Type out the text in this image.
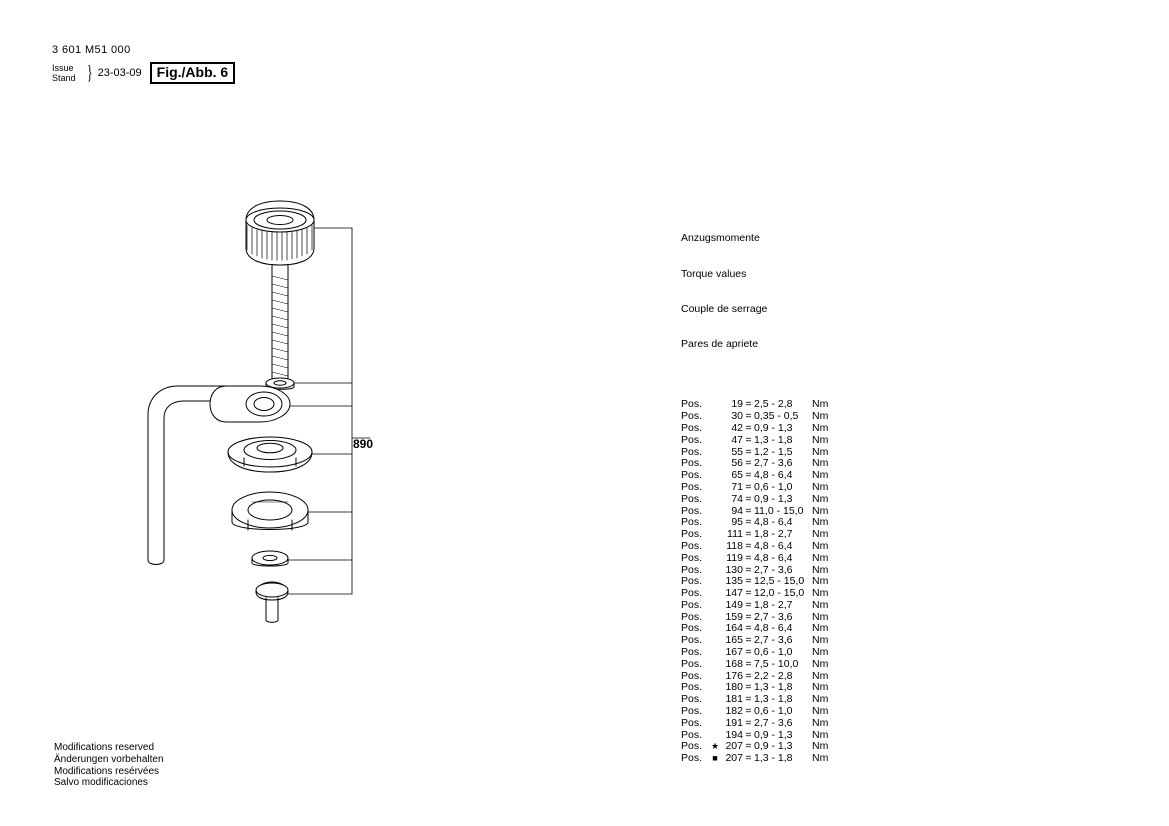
3 601 M51 000
Issue
Stand } 23-03-09	Fig./Abb. 6
890

Anzugsmomente

Torque values

Couple de serrage

Pares de apriete

Pos.	19 = 2,5 - 2,8	Nm
Pos.	30 = 0,35 - 0,5	Nm
Pos.	42 = 0,9 - 1,3	Nm
Pos.	47 = 1,3 - 1,8	Nm
Pos.	55 = 1,2 - 1,5	Nm
Pos.	56 = 2,7 - 3,6	Nm
Pos.	65 = 4,8 - 6,4	Nm
Pos.	71 = 0,6 - 1,0	Nm
Pos.	74 = 0,9 - 1,3	Nm
Pos.	94 = 11,0 - 15,0 Nm
Pos.	95 = 4,8 - 6,4	Nm
Pos.	111 = 1,8 - 2,7	Nm
Pos.	118 = 4,8 - 6,4	Nm
Pos.	119 = 4,8 - 6,4	Nm
Pos.	130 = 2,7 - 3,6	Nm
Pos.	135 = 12,5 - 15,0 Nm
Pos.	147 = 12,0 - 15,0 Nm
Pos.	149 = 1,8 - 2,7	Nm
Pos.	159 = 2,7 - 3,6	Nm
Pos.	164 = 4,8 - 6,4	Nm
Pos.	165 = 2,7 - 3,6	Nm
Pos.	167 = 0,6 - 1,0	Nm
Pos.	168 = 7,5 - 10,0	Nm
Pos.	176 = 2,2 - 2,8	Nm
Pos.	180 = 1,3 - 1,8	Nm
Pos.	181 = 1,3 - 1,8	Nm
Pos.	182 = 0,6 - 1,0	Nm
Pos.	191 = 2,7 - 3,6	Nm
Pos.	194 = 0,9 - 1,3	Nm
Pos. ★ 207 = 0,9 - 1,3	Nm
Pos.	■ 207 = 1,3 - 1,8	Nm

Modifications reserved
Änderungen vorbehalten
Modifications resérvées
Salvo modificaciones
